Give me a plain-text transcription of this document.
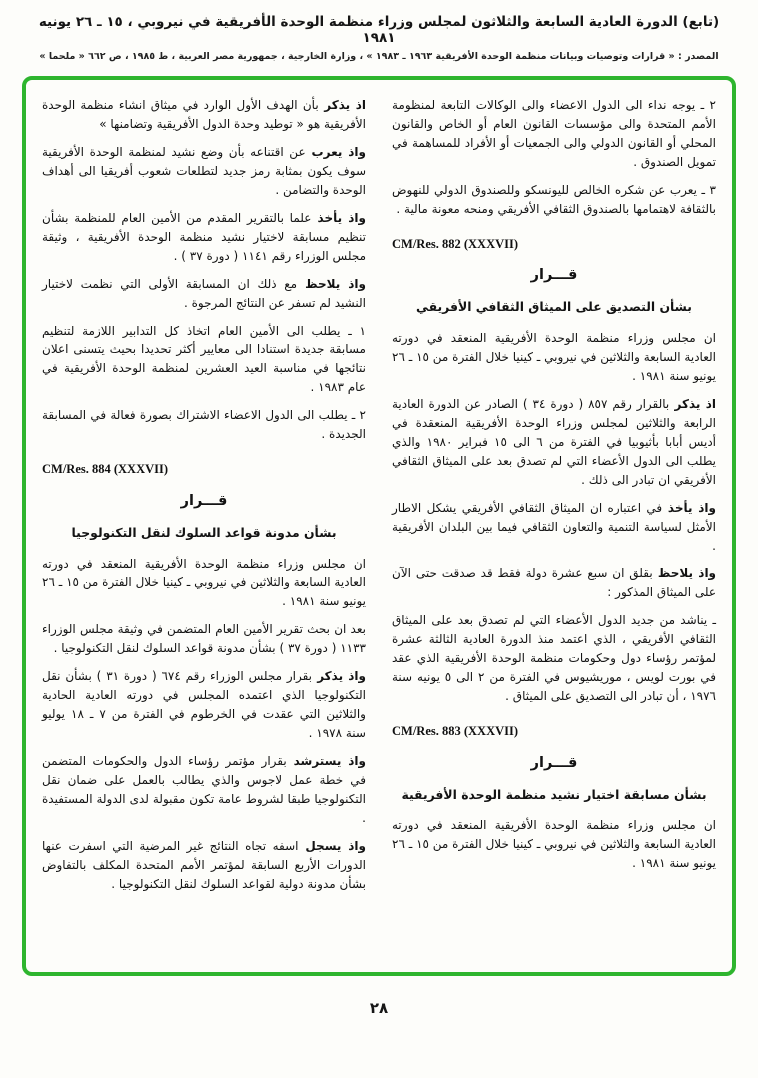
(تابع) الدورة العادية السابعة والثلاثون لمجلس وزراء منظمة الوحدة الأفريقية في نيروبي ، ١٥ ـ ٢٦ يونيه ١٩٨١
المصدر : « قرارات وتوصيات وبيانات منظمة الوحدة الأفريقية ١٩٦٣ ـ ١٩٨٣ » ، وزارة الخارجية ، جمهورية مصر العربية ، ط ١٩٨٥ ، ص ٦٦٢ « ملحما »
٢ ـ يوجه نداء الى الدول الاعضاء والى الوكالات التابعة لمنظومة الأمم المتحدة والى مؤسسات القانون العام أو الخاص والقانون المحلي أو القانون الدولي والى الجمعيات أو الأفراد للمساهمة في تمويل الصندوق .
٣ ـ يعرب عن شكره الخالص لليونسكو وللصندوق الدولي للنهوض بالثقافة لاهتمامها بالصندوق الثقافي الأفريقي ومنحه معونة مالية .
CM/Res. 882 (XXXVII)
قـــرار
بشأن التصديق على الميثاق الثقافي الأفريقي
ان مجلس وزراء منظمة الوحدة الأفريقية المنعقد في دورته العادية السابعة والثلاثين في نيروبي ـ كينيا خلال الفترة من ١٥ ـ ٢٦ يونيو سنة ١٩٨١ .
اذ يذكر بالقرار رقم ٨٥٧ ( دورة ٣٤ ) الصادر عن الدورة العادية الرابعة والثلاثين لمجلس وزراء الوحدة الأفريقية المنعقدة في أديس أبابا بأثيوبيا في الفترة من ٦ الى ١٥ فبراير ١٩٨٠ والذي يطلب الى الدول الأعضاء التي لم تصدق بعد على الميثاق الثقافي الأفريقي ان تبادر الى ذلك .
واذ يأخذ في اعتباره ان الميثاق الثقافي الأفريقي يشكل الاطار الأمثل لسياسة التنمية والتعاون الثقافي فيما بين البلدان الأفريقية .
واذ يلاحظ بقلق ان سبع عشرة دولة فقط قد صدقت حتى الآن على الميثاق المذكور :
ـ يناشد من جديد الدول الأعضاء التي لم تصدق بعد على الميثاق الثقافي الأفريقي ، الذي اعتمد منذ الدورة العادية الثالثة عشرة لمؤتمر رؤساء دول وحكومات منظمة الوحدة الأفريقية الذي عقد في بورت لويس ، موريشيوس في الفترة من ٢ الى ٥ يونيه سنة ١٩٧٦ ، أن تبادر الى التصديق على الميثاق .
CM/Res. 883 (XXXVII)
قـــرار
بشأن مسابقة اختيار نشيد منظمة الوحدة الأفريقية
ان مجلس وزراء منظمة الوحدة الأفريقية المنعقد في دورته العادية السابعة والثلاثين في نيروبي ـ كينيا خلال الفترة من ١٥ ـ ٢٦ يونيو سنة ١٩٨١ .
اذ يذكر بأن الهدف الأول الوارد في ميثاق انشاء منظمة الوحدة الأفريقية هو « توطيد وحدة الدول الأفريقية وتضامنها »
واذ يعرب عن اقتناعه بأن وضع نشيد لمنظمة الوحدة الأفريقية سوف يكون بمثابة رمز جديد لتطلعات شعوب أفريقيا الى أهداف الوحدة والتضامن .
واذ يأخذ علما بالتقرير المقدم من الأمين العام للمنظمة بشأن تنظيم مسابقة لاختيار نشيد منظمة الوحدة الأفريقية ، وثيقة مجلس الوزراء رقم ١١٤١ ( دورة ٣٧ ) .
واذ يلاحظ مع ذلك ان المسابقة الأولى التي نظمت لاختيار النشيد لم تسفر عن النتائج المرجوة .
١ ـ يطلب الى الأمين العام اتخاذ كل التدابير اللازمة لتنظيم مسابقة جديدة استنادا الى معايير أكثر تحديدا بحيث يتسنى اعلان نتائجها في مناسبة العيد العشرين لمنظمة الوحدة الأفريقية في عام ١٩٨٣ .
٢ ـ يطلب الى الدول الاعضاء الاشتراك بصورة فعالة في المسابقة الجديدة .
CM/Res. 884 (XXXVII)
قـــرار
بشأن مدونة قواعد السلوك لنقل التكنولوجيا
ان مجلس وزراء منظمة الوحدة الأفريقية المنعقد في دورته العادية السابعة والثلاثين في نيروبي ـ كينيا خلال الفترة من ١٥ ـ ٢٦ يونيو سنة ١٩٨١ .
بعد ان بحث تقرير الأمين العام المتضمن في وثيقة مجلس الوزراء ١١٣٣ ( دورة ٣٧ ) بشأن مدونة قواعد السلوك لنقل التكنولوجيا .
واذ يذكر بقرار مجلس الوزراء رقم ٦٧٤ ( دورة ٣١ ) بشأن نقل التكنولوجيا الذي اعتمده المجلس في دورته العادية الحادية والثلاثين التي عقدت في الخرطوم في الفترة من ٧ ـ ١٨ يوليو سنة ١٩٧٨ .
واذ يسترشد بقرار مؤتمر رؤساء الدول والحكومات المتضمن في خطة عمل لاجوس والذي يطالب بالعمل على ضمان نقل التكنولوجيا طبقا لشروط عامة تكون مقبولة لدى الدولة المستفيدة .
واذ يسجل اسفه تجاه النتائج غير المرضية التي اسفرت عنها الدورات الأربع السابقة لمؤتمر الأمم المتحدة المكلف بالتفاوض بشأن مدونة دولية لقواعد السلوك لنقل التكنولوجيا .
٢٨
